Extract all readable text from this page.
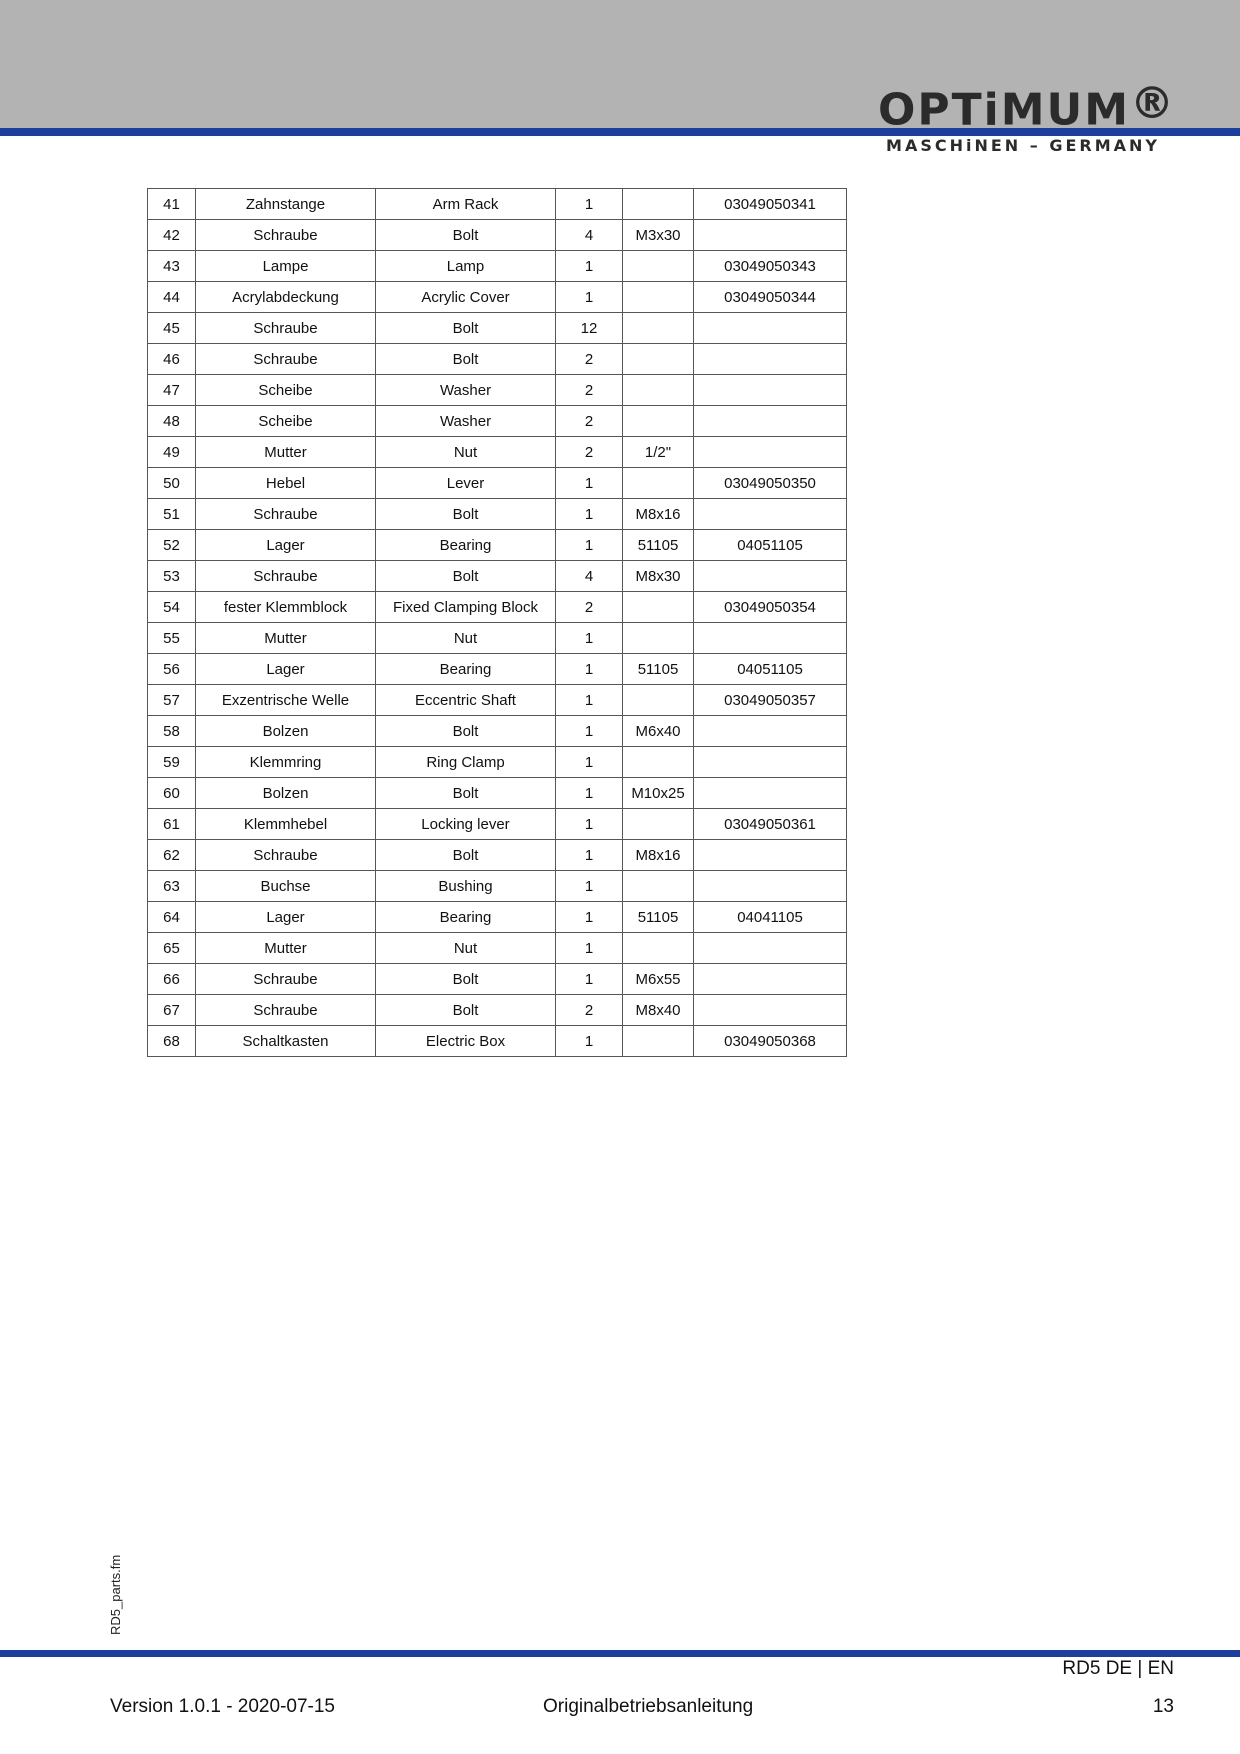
OPTiMUM®
MASCHiNEN – GERMANY
41	Zahnstange	Arm Rack	1		03049050341
42	Schraube	Bolt	4	M3x30	
43	Lampe	Lamp	1		03049050343
44	Acrylabdeckung	Acrylic Cover	1		03049050344
45	Schraube	Bolt	12		
46	Schraube	Bolt	2		
47	Scheibe	Washer	2		
48	Scheibe	Washer	2		
49	Mutter	Nut	2	1/2"	
50	Hebel	Lever	1		03049050350
51	Schraube	Bolt	1	M8x16	
52	Lager	Bearing	1	51105	04051105
53	Schraube	Bolt	4	M8x30	
54	fester Klemmblock	Fixed Clamping Block	2		03049050354
55	Mutter	Nut	1		
56	Lager	Bearing	1	51105	04051105
57	Exzentrische Welle	Eccentric Shaft	1		03049050357
58	Bolzen	Bolt	1	M6x40	
59	Klemmring	Ring Clamp	1		
60	Bolzen	Bolt	1	M10x25	
61	Klemmhebel	Locking lever	1		03049050361
62	Schraube	Bolt	1	M8x16	
63	Buchse	Bushing	1		
64	Lager	Bearing	1	51105	04041105
65	Mutter	Nut	1		
66	Schraube	Bolt	1	M6x55	
67	Schraube	Bolt	2	M8x40	
68	Schaltkasten	Electric Box	1		03049050368
RD5_parts.fm
RD5 DE | EN
Version 1.0.1 - 2020-07-15	Originalbetriebsanleitung	13
